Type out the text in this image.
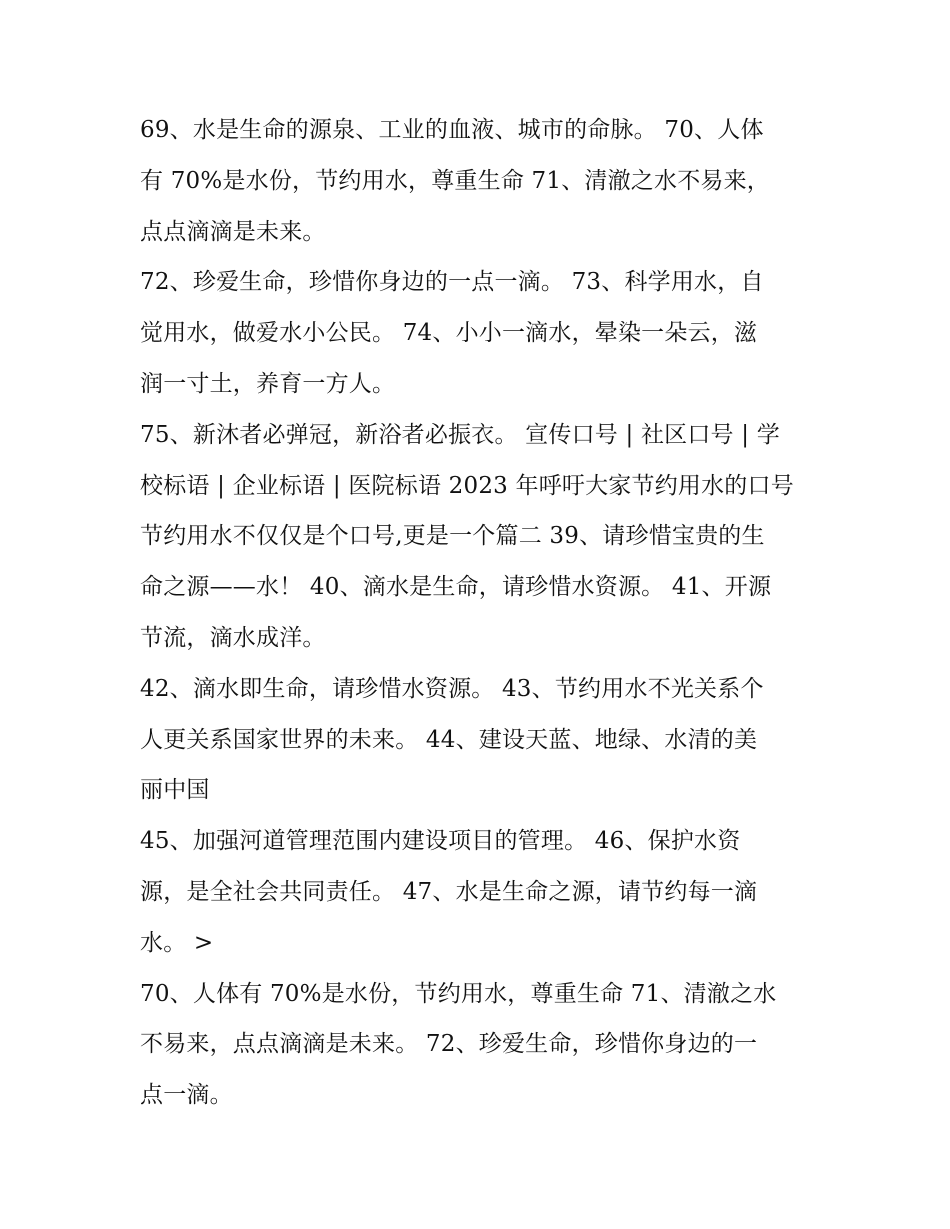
69、水是生命的源泉、工业的血液、城市的命脉。 70、人体
有 70%是水份，节约用水，尊重生命 71、清澈之水不易来，
点点滴滴是未来。

72、珍爱生命，珍惜你身边的一点一滴。 73、科学用水，自
觉用水，做爱水小公民。 74、小小一滴水，晕染一朵云，滋
润一寸土，养育一方人。

75、新沐者必弹冠，新浴者必振衣。 宣传口号 | 社区口号 | 学
校标语 | 企业标语 | 医院标语 2023 年呼吁大家节约用水的口号
节约用水不仅仅是个口号,更是一个篇二 39、请珍惜宝贵的生
命之源——水！ 40、滴水是生命，请珍惜水资源。 41、开源
节流，滴水成洋。

42、滴水即生命，请珍惜水资源。 43、节约用水不光关系个
人更关系国家世界的未来。 44、建设天蓝、地绿、水清的美
丽中国

45、加强河道管理范围内建设项目的管理。 46、保护水资
源，是全社会共同责任。 47、水是生命之源，请节约每一滴
水。 >

70、人体有 70%是水份，节约用水，尊重生命 71、清澈之水
不易来，点点滴滴是未来。 72、珍爱生命，珍惜你身边的一
点一滴。
